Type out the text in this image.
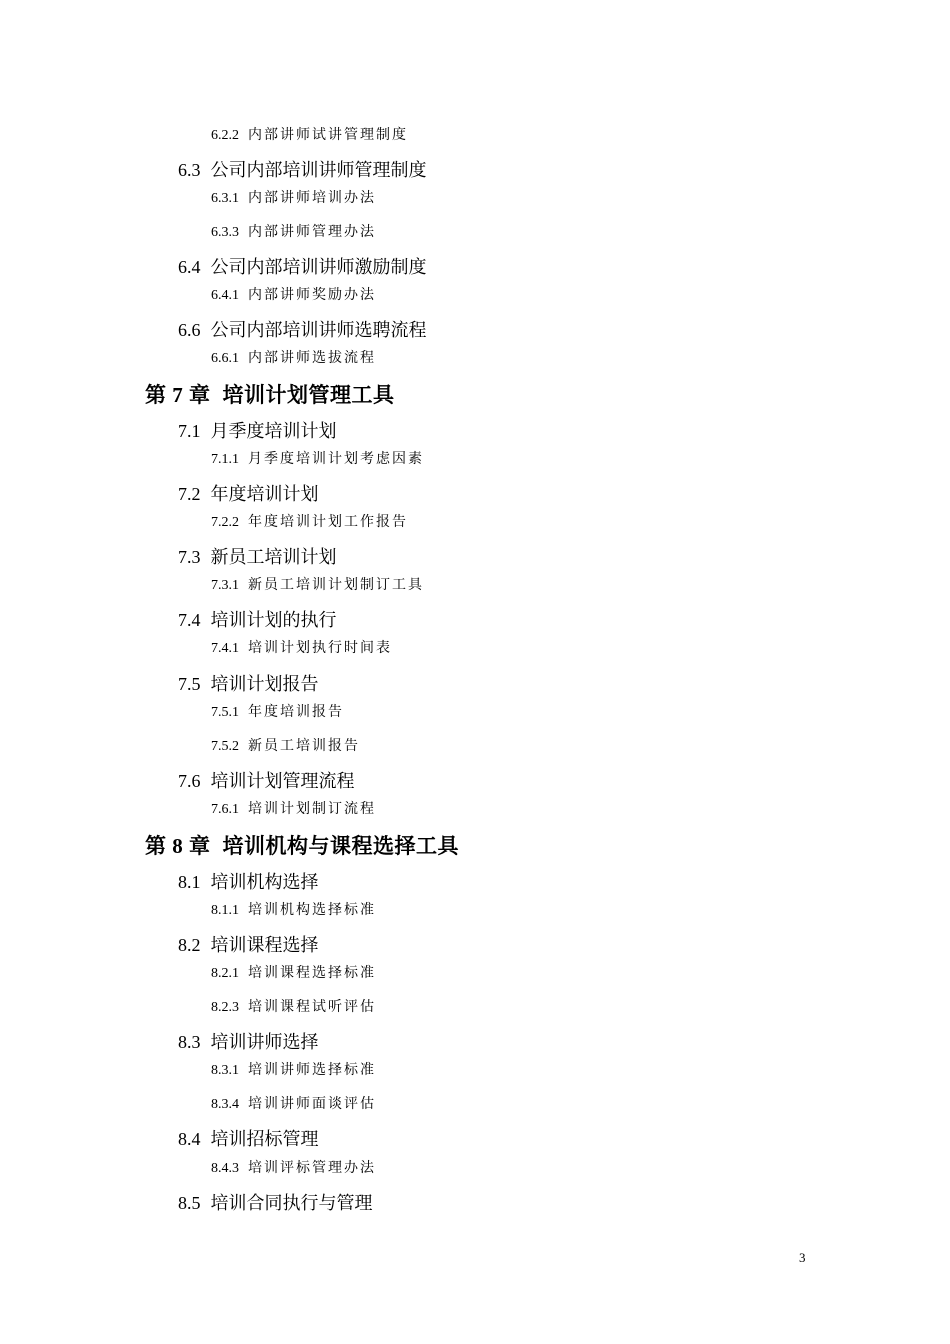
6.2.2 内部讲师试讲管理制度
6.3 公司内部培训讲师管理制度
6.3.1 内部讲师培训办法
6.3.3 内部讲师管理办法
6.4 公司内部培训讲师激励制度
6.4.1 内部讲师奖励办法
6.6 公司内部培训讲师选聘流程
6.6.1 内部讲师选拔流程
第 7 章 培训计划管理工具
7.1 月季度培训计划
7.1.1 月季度培训计划考虑因素
7.2 年度培训计划
7.2.2 年度培训计划工作报告
7.3 新员工培训计划
7.3.1 新员工培训计划制订工具
7.4 培训计划的执行
7.4.1 培训计划执行时间表
7.5 培训计划报告
7.5.1 年度培训报告
7.5.2 新员工培训报告
7.6 培训计划管理流程
7.6.1 培训计划制订流程
第 8 章 培训机构与课程选择工具
8.1 培训机构选择
8.1.1 培训机构选择标准
8.2 培训课程选择
8.2.1 培训课程选择标准
8.2.3 培训课程试听评估
8.3 培训讲师选择
8.3.1 培训讲师选择标准
8.3.4 培训讲师面谈评估
8.4 培训招标管理
8.4.3 培训评标管理办法
8.5 培训合同执行与管理
3
